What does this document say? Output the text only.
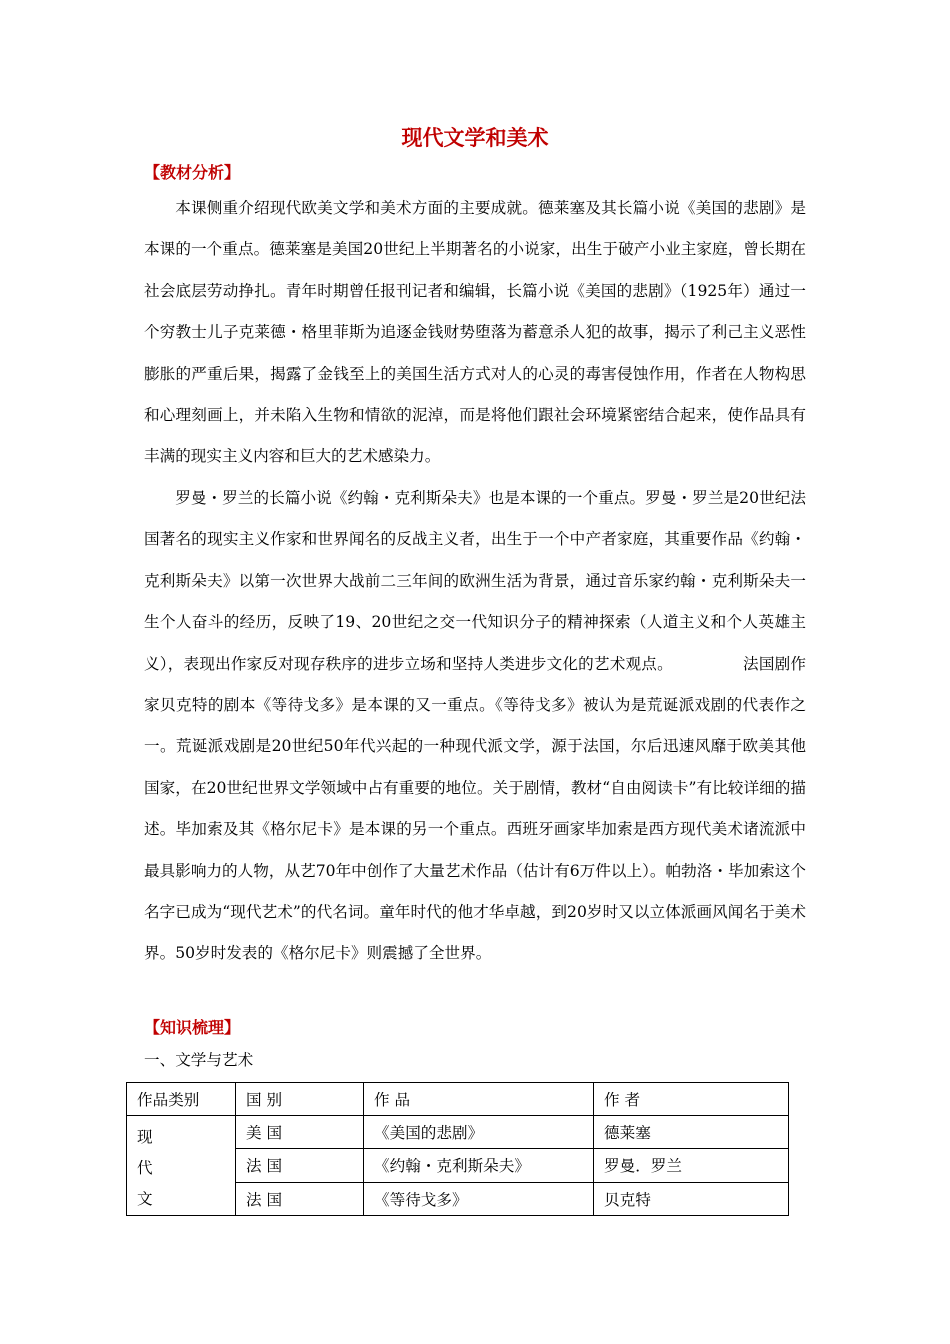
现代文学和美术
【教材分析】

本课侧重介绍现代欧美文学和美术方面的主要成就。德莱塞及其长篇小说《美国的悲剧》是本课的一个重点。德莱塞是美国20世纪上半期著名的小说家，出生于破产小业主家庭，曾长期在社会底层劳动挣扎。青年时期曾任报刊记者和编辑，长篇小说《美国的悲剧》（1925年）通过一个穷教士儿子克莱德・格里菲斯为追逐金钱财势堕落为蓄意杀人犯的故事，揭示了利己主义恶性膨胀的严重后果，揭露了金钱至上的美国生活方式对人的心灵的毒害侵蚀作用，作者在人物构思和心理刻画上，并未陷入生物和情欲的泥淖，而是将他们跟社会环境紧密结合起来，使作品具有丰满的现实主义内容和巨大的艺术感染力。

罗曼・罗兰的长篇小说《约翰・克利斯朵夫》也是本课的一个重点。罗曼・罗兰是20世纪法国著名的现实主义作家和世界闻名的反战主义者，出生于一个中产者家庭，其重要作品《约翰・克利斯朵夫》以第一次世界大战前二三年间的欧洲生活为背景，通过音乐家约翰・克利斯朵夫一生个人奋斗的经历，反映了19、20世纪之交一代知识分子的精神探索（人道主义和个人英雄主义），表现出作家反对现存秩序的进步立场和坚持人类进步文化的艺术观点。	法国剧作家贝克特的剧本《等待戈多》是本课的又一重点。《等待戈多》被认为是荒诞派戏剧的代表作之一。荒诞派戏剧是20世纪50年代兴起的一种现代派文学，源于法国，尔后迅速风靡于欧美其他国家，在20世纪世界文学领域中占有重要的地位。关于剧情，教材“自由阅读卡”有比较详细的描述。毕加索及其《格尔尼卡》是本课的另一个重点。西班牙画家毕加索是西方现代美术诸流派中最具影响力的人物，从艺70年中创作了大量艺术作品（估计有6万件以上）。帕勃洛・毕加索这个名字已成为“现代艺术”的代名词。童年时代的他才华卓越，到20岁时又以立体派画风闻名于美术界。50岁时发表的《格尔尼卡》则震撼了全世界。

【知识梳理】
一、文学与艺术
作品类别	国 别	作 品	作 者

现
代
文	美 国	《美国的悲剧》	德莱塞
	法 国	《约翰・克利斯朵夫》	罗曼．罗兰
	法 国	《等待戈多》	贝克特
